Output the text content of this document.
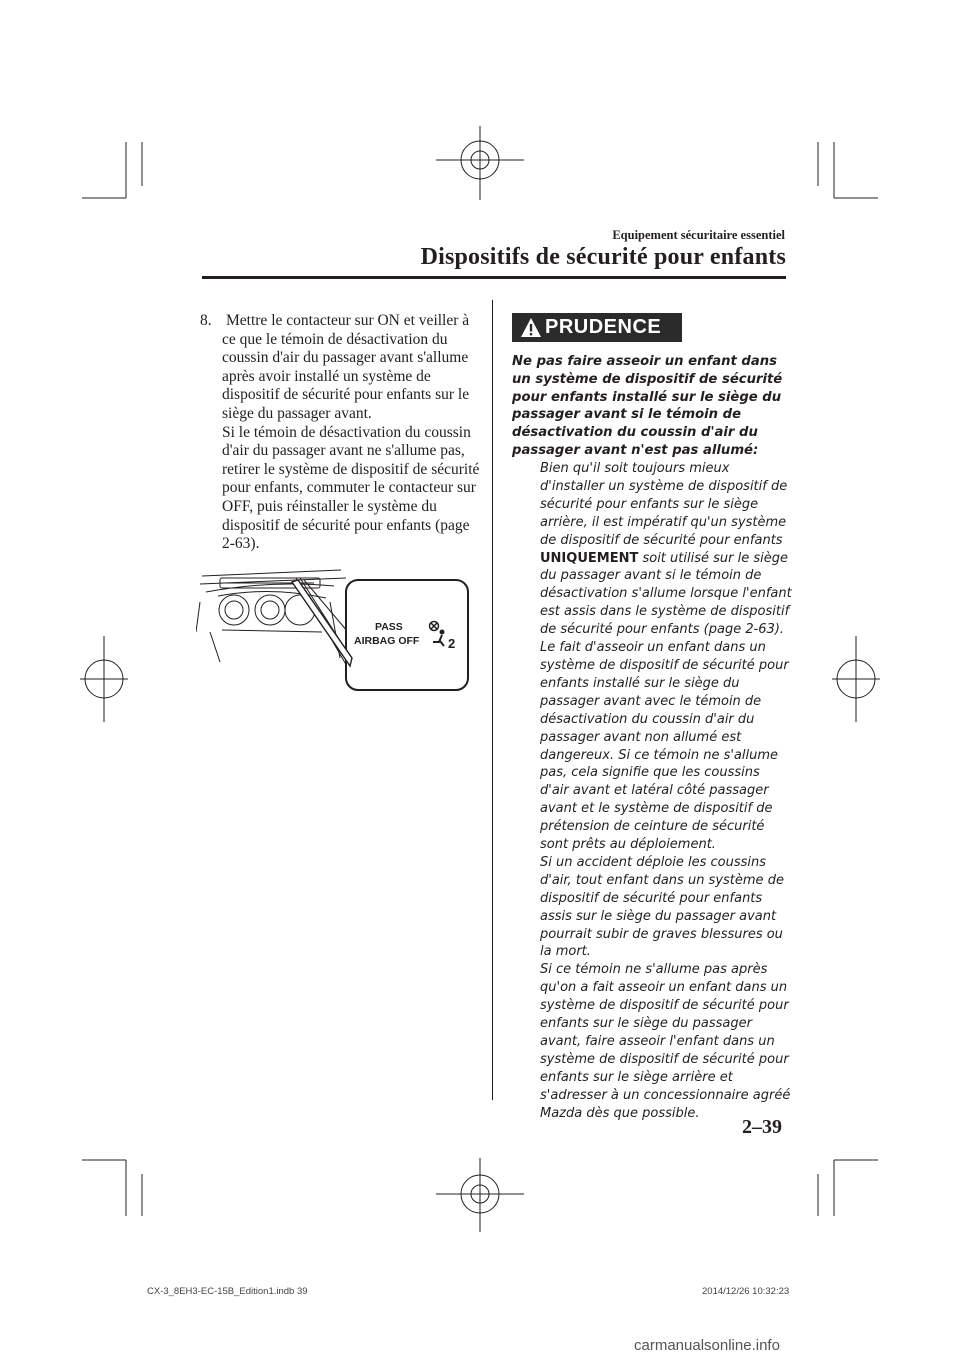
Equipement sécuritaire essentiel
Dispositifs de sécurité pour enfants
8. Mettre le contacteur sur ON et veiller à ce que le témoin de désactivation du coussin d'air du passager avant s'allume après avoir installé un système de dispositif de sécurité pour enfants sur le siège du passager avant.

Si le témoin de désactivation du coussin d'air du passager avant ne s'allume pas, retirer le système de dispositif de sécurité pour enfants, commuter le contacteur sur OFF, puis réinstaller le système du dispositif de sécurité pour enfants (page 2-63).

PASS
AIRBAG OFF 2
PRUDENCE
Ne pas faire asseoir un enfant dans un système de dispositif de sécurité pour enfants installé sur le siège du passager avant si le témoin de désactivation du coussin d'air du passager avant n'est pas allumé:
Bien qu'il soit toujours mieux d'installer un système de dispositif de sécurité pour enfants sur le siège arrière, il est impératif qu'un système de dispositif de sécurité pour enfants UNIQUEMENT soit utilisé sur le siège du passager avant si le témoin de désactivation s'allume lorsque l'enfant est assis dans le système de dispositif de sécurité pour enfants (page 2-63).
Le fait d'asseoir un enfant dans un système de dispositif de sécurité pour enfants installé sur le siège du passager avant avec le témoin de désactivation du coussin d'air du passager avant non allumé est dangereux. Si ce témoin ne s'allume pas, cela signifie que les coussins d'air avant et latéral côté passager avant et le système de dispositif de prétension de ceinture de sécurité sont prêts au déploiement.
Si un accident déploie les coussins d'air, tout enfant dans un système de dispositif de sécurité pour enfants assis sur le siège du passager avant pourrait subir de graves blessures ou la mort.
Si ce témoin ne s'allume pas après qu'on a fait asseoir un enfant dans un système de dispositif de sécurité pour enfants sur le siège du passager avant, faire asseoir l'enfant dans un système de dispositif de sécurité pour enfants sur le siège arrière et s'adresser à un concessionnaire agréé Mazda dès que possible.
2–39
CX-3_8EH3-EC-15B_Edition1.indb 39	2014/12/26 10:32:23
carmanualsonline.info
